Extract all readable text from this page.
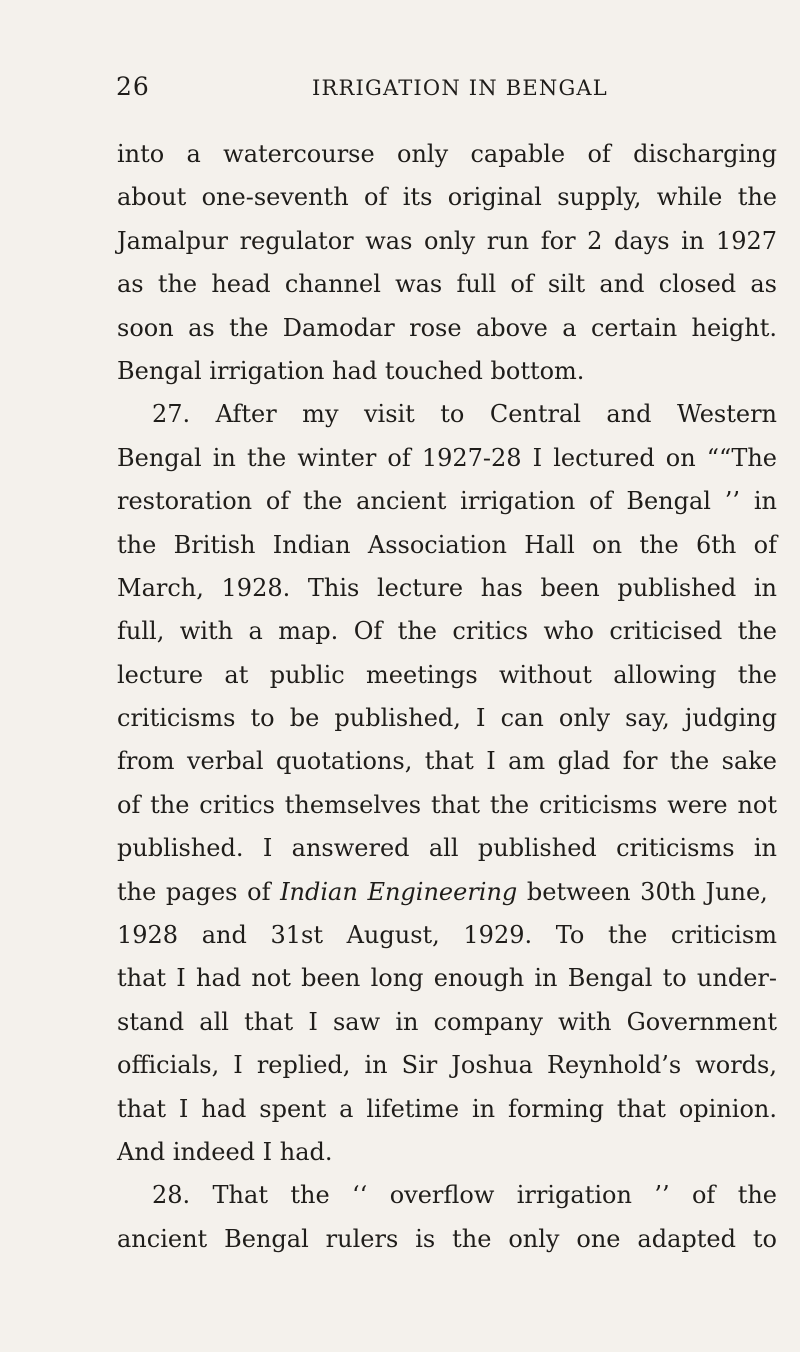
26	IRRIGATION IN BENGAL
into a watercourse only capable of discharging
about one-seventh of its original supply, while the
Jamalpur regulator was only run for 2 days in 1927
as the head channel was full of silt and closed as
soon as the Damodar rose above a certain height.
Bengal irrigation had touched bottom.
27. After my visit to Central and Western
Bengal in the winter of 1927-28 I lectured on ““The
restoration of the ancient irrigation of Bengal ’’ in
the British Indian Association Hall on the 6th of
March, 1928. This lecture has been published in
full, with a map. Of the critics who criticised the
lecture at public meetings without allowing the
criticisms to be published, I can only say, judging
from verbal quotations, that I am glad for the sake
of the critics themselves that the criticisms were not
published. I answered all published criticisms in
the pages of Indian Engineering between 30th June,
1928 and 31st August, 1929. To the criticism
that I had not been long enough in Bengal to under-
stand all that I saw in company with Government
officials, I replied, in Sir Joshua Reynhold’s words,
that I had spent a lifetime in forming that opinion.
And indeed I had.
28. That the ‘‘ overflow irrigation ’’ of the
ancient Bengal rulers is the only one adapted to
